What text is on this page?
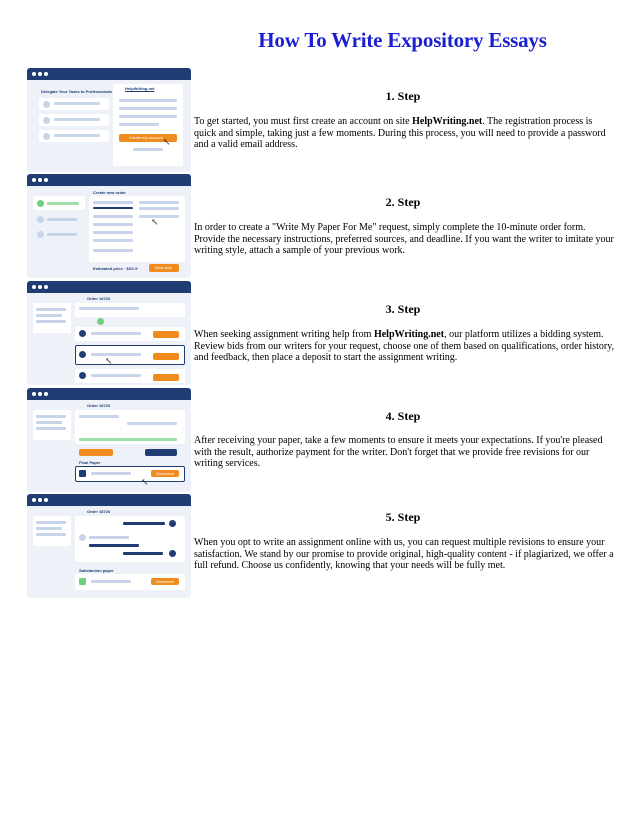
How To Write Expository Essays
Delegate Your Tasks to Professionals
HelpWriting.net
Create my account ↖
Create new order
↖
Estimated price · $XX.X	Next step
Order 18726
↖
Order 18726
Final Paper
Download
↖
Order 18726
Satisfaction paper
Download
1. Step
To get started, you must first create an account on site HelpWriting.net. The registration process is quick and simple, taking just a few moments. During this process, you will need to provide a password and a valid email address.
2. Step
In order to create a "Write My Paper For Me" request, simply complete the 10-minute order form. Provide the necessary instructions, preferred sources, and deadline. If you want the writer to imitate your writing style, attach a sample of your previous work.
3. Step
When seeking assignment writing help from HelpWriting.net, our platform utilizes a bidding system. Review bids from our writers for your request, choose one of them based on qualifications, order history, and feedback, then place a deposit to start the assignment writing.
4. Step
After receiving your paper, take a few moments to ensure it meets your expectations. If you're pleased with the result, authorize payment for the writer. Don't forget that we provide free revisions for our writing services.
5. Step
When you opt to write an assignment online with us, you can request multiple revisions to ensure your satisfaction. We stand by our promise to provide original, high-quality content - if plagiarized, we offer a full refund. Choose us confidently, knowing that your needs will be fully met.
